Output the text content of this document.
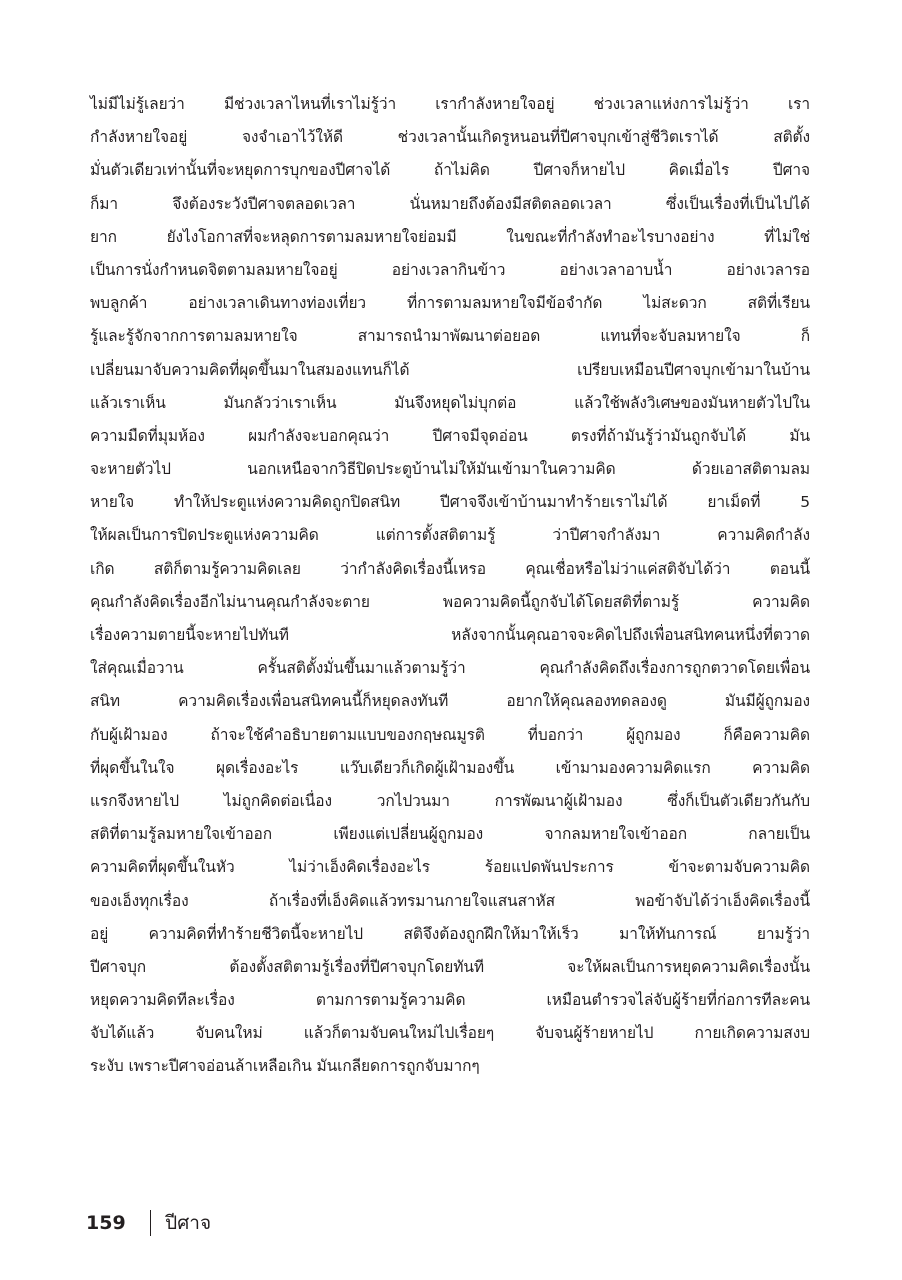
ไม่มีไม่รู้เลยว่า มีช่วงเวลาไหนที่เราไม่รู้ว่า เรากำลังหายใจอยู่ ช่วงเวลาแห่งการไม่รู้ว่า เรา
กำลังหายใจอยู่ จงจำเอาไว้ให้ดี ช่วงเวลานั้นเกิดรูหนอนที่ปีศาจบุกเข้าสู่ชีวิตเราได้ สติตั้ง
มั่นตัวเดียวเท่านั้นที่จะหยุดการบุกของปีศาจได้ ถ้าไม่คิด ปีศาจก็หายไป คิดเมื่อไร ปีศาจ
ก็มา จึงต้องระวังปีศาจตลอดเวลา นั่นหมายถึงต้องมีสติตลอดเวลา ซึ่งเป็นเรื่องที่เป็นไปได้
ยาก ยังไงโอกาสที่จะหลุดการตามลมหายใจย่อมมี ในขณะที่กำลังทำอะไรบางอย่าง ที่ไม่ใช่
เป็นการนั่งกำหนดจิตตามลมหายใจอยู่ อย่างเวลากินข้าว อย่างเวลาอาบน้ำ อย่างเวลารอ
พบลูกค้า อย่างเวลาเดินทางท่องเที่ยว ที่การตามลมหายใจมีข้อจำกัด ไม่สะดวก สติที่เรียน
รู้และรู้จักจากการตามลมหายใจ สามารถนำมาพัฒนาต่อยอด แทนที่จะจับลมหายใจ ก็
เปลี่ยนมาจับความคิดที่ผุดขึ้นมาในสมองแทนก็ได้ เปรียบเหมือนปีศาจบุกเข้ามาในบ้าน
แล้วเราเห็น มันกลัวว่าเราเห็น มันจึงหยุดไม่บุกต่อ แล้วใช้พลังวิเศษของมันหายตัวไปใน
ความมืดที่มุมห้อง ผมกำลังจะบอกคุณว่า ปีศาจมีจุดอ่อน ตรงที่ถ้ามันรู้ว่ามันถูกจับได้ มัน
จะหายตัวไป นอกเหนือจากวิธีปิดประตูบ้านไม่ให้มันเข้ามาในความคิด ด้วยเอาสติตามลม
หายใจ ทำให้ประตูแห่งความคิดถูกปิดสนิท ปีศาจจึงเข้าบ้านมาทำร้ายเราไม่ได้ ยาเม็ดที่ 5
ให้ผลเป็นการปิดประตูแห่งความคิด แต่การตั้งสติตามรู้ ว่าปีศาจกำลังมา ความคิดกำลัง
เกิด สติก็ตามรู้ความคิดเลย ว่ากำลังคิดเรื่องนี้เหรอ คุณเชื่อหรือไม่ว่าแค่สติจับได้ว่า ตอนนี้
คุณกำลังคิดเรื่องอีกไม่นานคุณกำลังจะตาย พอความคิดนี้ถูกจับได้โดยสติที่ตามรู้ ความคิด
เรื่องความตายนี้จะหายไปทันที หลังจากนั้นคุณอาจจะคิดไปถึงเพื่อนสนิทคนหนึ่งที่ตวาด
ใส่คุณเมื่อวาน ครั้นสติตั้งมั่นขึ้นมาแล้วตามรู้ว่า คุณกำลังคิดถึงเรื่องการถูกตวาดโดยเพื่อน
สนิท ความคิดเรื่องเพื่อนสนิทคนนี้ก็หยุดลงทันที อยากให้คุณลองทดลองดู มันมีผู้ถูกมอง
กับผู้เฝ้ามอง ถ้าจะใช้คำอธิบายตามแบบของกฤษณมูรติ ที่บอกว่า ผู้ถูกมอง ก็คือความคิด
ที่ผุดขึ้นในใจ ผุดเรื่องอะไร แว๊บเดียวก็เกิดผู้เฝ้ามองขึ้น เข้ามามองความคิดแรก ความคิด
แรกจึงหายไป ไม่ถูกคิดต่อเนื่อง วกไปวนมา การพัฒนาผู้เฝ้ามอง ซึ่งก็เป็นตัวเดียวกันกับ
สติที่ตามรู้ลมหายใจเข้าออก เพียงแต่เปลี่ยนผู้ถูกมอง จากลมหายใจเข้าออก กลายเป็น
ความคิดที่ผุดขึ้นในหัว ไม่ว่าเอ็งคิดเรื่องอะไร ร้อยแปดพันประการ ข้าจะตามจับความคิด
ของเอ็งทุกเรื่อง ถ้าเรื่องที่เอ็งคิดแล้วทรมานกายใจแสนสาหัส พอข้าจับได้ว่าเอ็งคิดเรื่องนี้
อยู่ ความคิดที่ทำร้ายชีวิตนี้จะหายไป สติจึงต้องถูกฝึกให้มาให้เร็ว มาให้ทันการณ์ ยามรู้ว่า
ปีศาจบุก ต้องตั้งสติตามรู้เรื่องที่ปีศาจบุกโดยทันที จะให้ผลเป็นการหยุดความคิดเรื่องนั้น
หยุดความคิดทีละเรื่อง ตามการตามรู้ความคิด เหมือนตำรวจไล่จับผู้ร้ายที่ก่อการทีละคน
จับได้แล้ว จับคนใหม่ แล้วก็ตามจับคนใหม่ไปเรื่อยๆ จับจนผู้ร้ายหายไป กายเกิดความสงบ
ระงับ เพราะปีศาจอ่อนล้าเหลือเกิน มันเกลียดการถูกจับมากๆ
159 ปีศาจ
